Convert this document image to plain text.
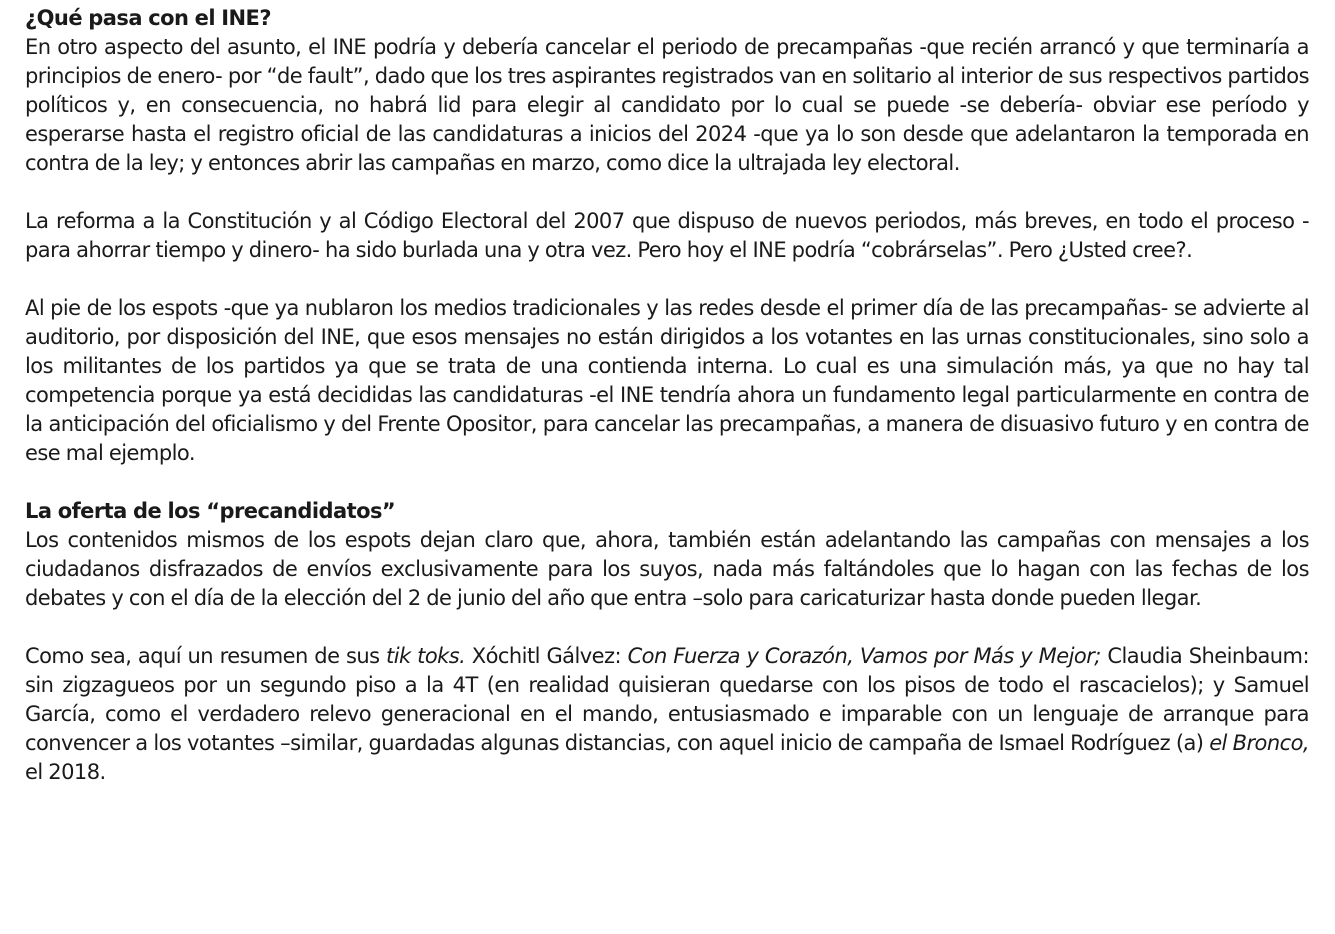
¿Qué pasa con el INE?

En otro aspecto del asunto, el INE podría y debería cancelar el periodo de precampañas -que recién arrancó y que terminaría a principios de enero- por “de fault”, dado que los tres aspirantes registrados van en solitario al interior de sus respectivos partidos políticos y, en consecuencia, no habrá lid para elegir al candidato por lo cual se puede -se debería- obviar ese período y esperarse hasta el registro oficial de las candidaturas a inicios del 2024 -que ya lo son desde que adelantaron la temporada en contra de la ley; y entonces abrir las campañas en marzo, como dice la ultrajada ley electoral.

La reforma a la Constitución y al Código Electoral del 2007 que dispuso de nuevos periodos, más breves, en todo el proceso -para ahorrar tiempo y dinero- ha sido burlada una y otra vez. Pero hoy el INE podría “cobrárselas”. Pero ¿Usted cree?.

Al pie de los espots -que ya nublaron los medios tradicionales y las redes desde el primer día de las precampañas- se advierte al auditorio, por disposición del INE, que esos mensajes no están dirigidos a los votantes en las urnas constitucionales, sino solo a los militantes de los partidos ya que se trata de una contienda interna. Lo cual es una simulación más, ya que no hay tal competencia porque ya está decididas las candidaturas -el INE tendría ahora un fundamento legal particularmente en contra de la anticipación del oficialismo y del Frente Opositor, para cancelar las precampañas, a manera de disuasivo futuro y en contra de ese mal ejemplo.

La oferta de los “precandidatos”

Los contenidos mismos de los espots dejan claro que, ahora, también están adelantando las campañas con mensajes a los ciudadanos disfrazados de envíos exclusivamente para los suyos, nada más faltándoles que lo hagan con las fechas de los debates y con el día de la elección del 2 de junio del año que entra –solo para caricaturizar hasta donde pueden llegar.

Como sea, aquí un resumen de sus tik toks. Xóchitl Gálvez: Con Fuerza y Corazón, Vamos por Más y Mejor; Claudia Sheinbaum: sin zigzagueos por un segundo piso a la 4T (en realidad quisieran quedarse con los pisos de todo el rascacielos); y Samuel García, como el verdadero relevo generacional en el mando, entusiasmado e imparable con un lenguaje de arranque para convencer a los votantes –similar, guardadas algunas distancias, con aquel inicio de campaña de Ismael Rodríguez (a) el Bronco, el 2018.
